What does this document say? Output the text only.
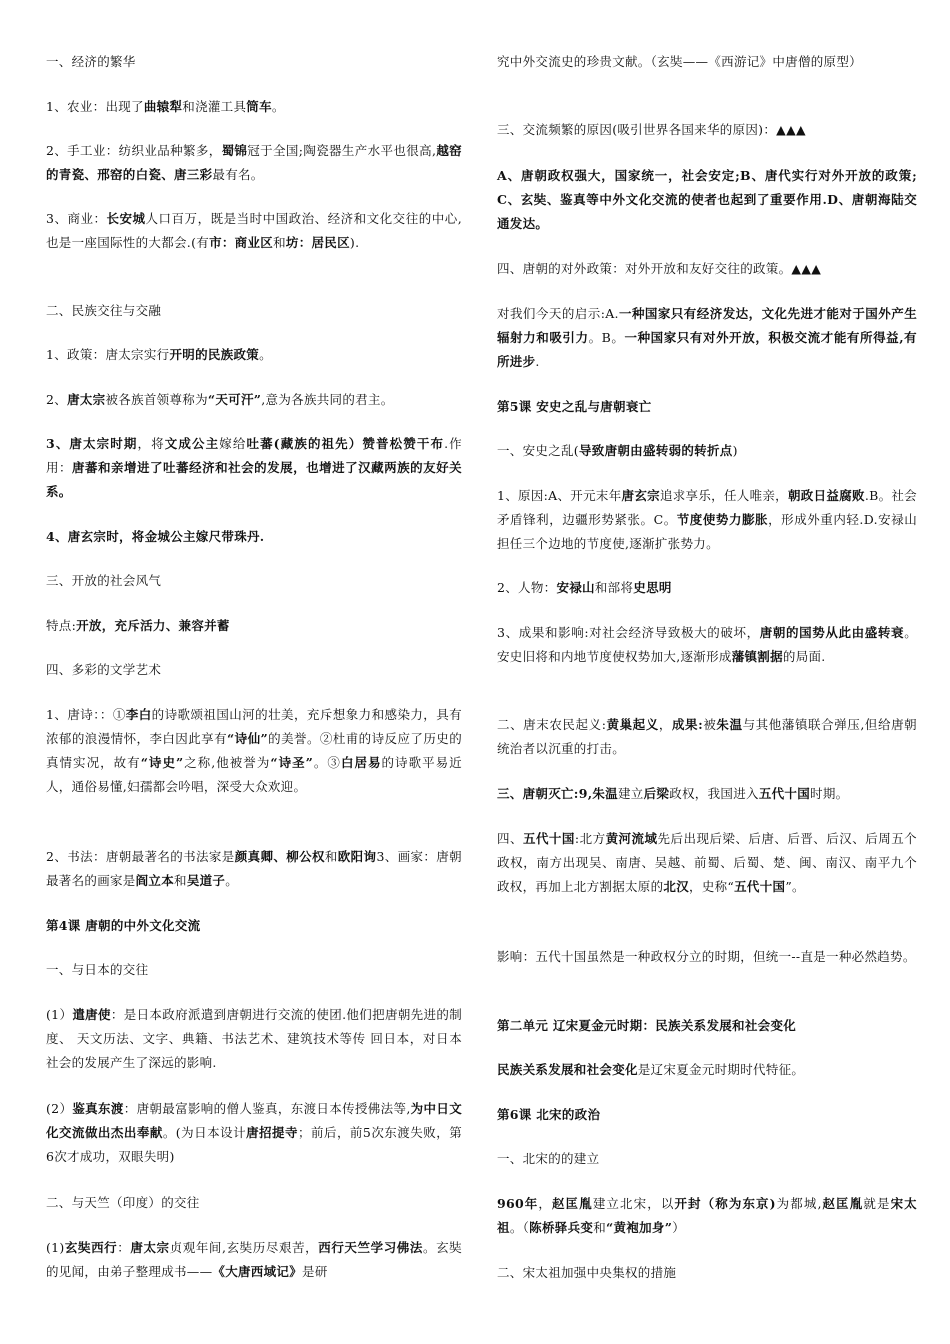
一、经济的繁华

1、农业：出现了曲辕犁和浇灌工具筒车。

2、手工业：纺织业品种繁多，蜀锦冠于全国;陶瓷器生产水平也很高,越窑的青瓷、邢窑的白瓷、唐三彩最有名。

3、商业：长安城人口百万，既是当时中国政治、经济和文化交往的中心,也是一座国际性的大都会.(有市：商业区和坊：居民区).

二、民族交往与交融

1、政策：唐太宗实行开明的民族政策。

2、唐太宗被各族首领尊称为“天可汗”,意为各族共同的君主。

3、唐太宗时期，将文成公主嫁给吐蕃(藏族的祖先）赞普松赞干布.作用：唐蕃和亲增进了吐蕃经济和社会的发展，也增进了汉藏两族的友好关系。

4、唐玄宗时，将金城公主嫁尺带珠丹.

三、开放的社会风气

特点:开放，充斥活力、兼容并蓄

四、多彩的文学艺术

1、唐诗：：①李白的诗歌颂祖国山河的壮美，充斥想象力和感染力，具有浓郁的浪漫情怀，李白因此享有“诗仙”的美誉。②杜甫的诗反应了历史的真情实况，故有“诗史”之称,他被誉为“诗圣”。③白居易的诗歌平易近人，通俗易懂,妇孺都会吟唱，深受大众欢迎。

2、书法：唐朝最著名的书法家是颜真卿、柳公权和欧阳询3、画家：唐朝最著名的画家是阎立本和吴道子。

第4课 唐朝的中外文化交流

一、与日本的交往

(1）遣唐使：是日本政府派遣到唐朝进行交流的使团.他们把唐朝先进的制度、 天文历法、文字、典籍、书法艺术、建筑技术等传 回日本，对日本社会的发展产生了深远的影响.

(2）鉴真东渡：唐朝最富影响的僧人鉴真，东渡日本传授佛法等,为中日文化交流做出杰出奉献。(为日本设计唐招提寺；前后，前5次东渡失败，第6次才成功，双眼失明)

二、与天竺（印度）的交往

(1)玄奘西行：唐太宗贞观年间,玄奘历尽艰苦，西行天竺学习佛法。玄奘的见闻，由弟子整理成书——《大唐西域记》是研

究中外交流史的珍贵文献。（玄奘——《西游记》中唐僧的原型）

三、交流频繁的原因(吸引世界各国来华的原因)：▲▲▲

A、唐朝政权强大，国家统一，社会安定;B、唐代实行对外开放的政策;C、玄奘、鉴真等中外文化交流的使者也起到了重要作用.D、唐朝海陆交通发达。

四、唐朝的对外政策：对外开放和友好交往的政策。▲▲▲

对我们今天的启示:A.一种国家只有经济发达，文化先进才能对于国外产生辐射力和吸引力。B。一种国家只有对外开放，积极交流才能有所得益,有所进步.

第5课 安史之乱与唐朝衰亡

一、安史之乱(导致唐朝由盛转弱的转折点)

1、原因:A、开元末年唐玄宗追求享乐，任人唯亲，朝政日益腐败.B。社会矛盾锋利，边疆形势紧张。C。节度使势力膨胀，形成外重内轻.D.安禄山担任三个边地的节度使,逐渐扩张势力。

2、人物：安禄山和部将史思明

3、成果和影响:对社会经济导致极大的破坏，唐朝的国势从此由盛转衰。安史旧将和内地节度使权势加大,逐渐形成藩镇割据的局面.

二、唐末农民起义:黄巢起义，成果:被朱温与其他藩镇联合弹压,但给唐朝统治者以沉重的打击。

三、唐朝灭亡:9,朱温建立后梁政权，我国进入五代十国时期。

四、五代十国:北方黄河流域先后出现后梁、后唐、后晋、后汉、后周五个政权，南方出现吴、南唐、吴越、前蜀、后蜀、楚、闽、南汉、南平九个政权，再加上北方割据太原的北汉，史称“五代十国”。

影响：五代十国虽然是一种政权分立的时期，但统一--直是一种必然趋势。

第二单元 辽宋夏金元时期：民族关系发展和社会变化

民族关系发展和社会变化是辽宋夏金元时期时代特征。

第6课 北宋的政治

一、北宋的的建立

960年，赵匡胤建立北宋，以开封（称为东京)为都城,赵匡胤就是宋太祖。（陈桥驿兵变和“黄袍加身”）

二、宋太祖加强中央集权的措施
